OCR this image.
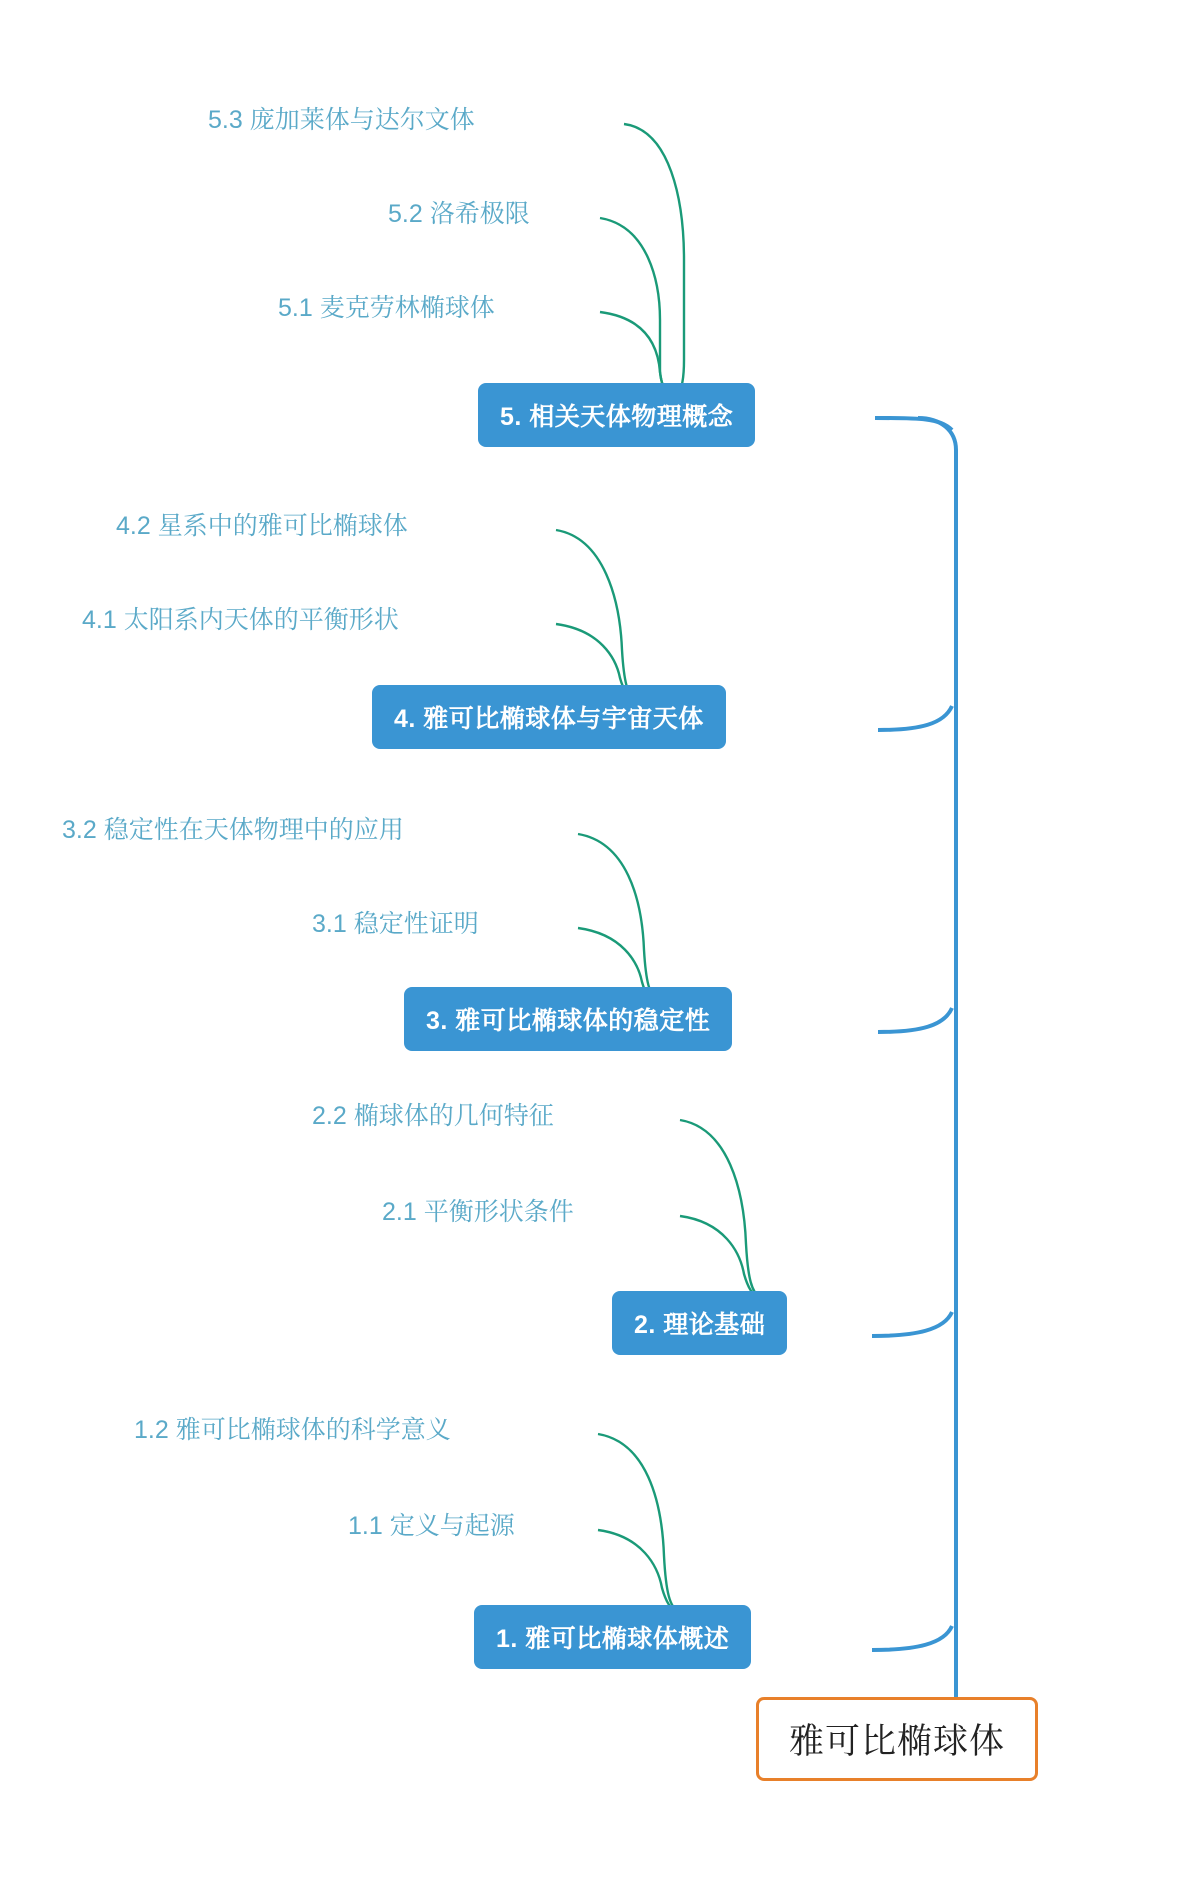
雅可比椭球体
5. 相关天体物理概念
5.3 庞加莱体与达尔文体
5.2 洛希极限
5.1 麦克劳林椭球体
4. 雅可比椭球体与宇宙天体
4.2 星系中的雅可比椭球体
4.1 太阳系内天体的平衡形状
3. 雅可比椭球体的稳定性
3.2 稳定性在天体物理中的应用
3.1 稳定性证明
2. 理论基础
2.2 椭球体的几何特征
2.1 平衡形状条件
1. 雅可比椭球体概述
1.2 雅可比椭球体的科学意义
1.1 定义与起源
